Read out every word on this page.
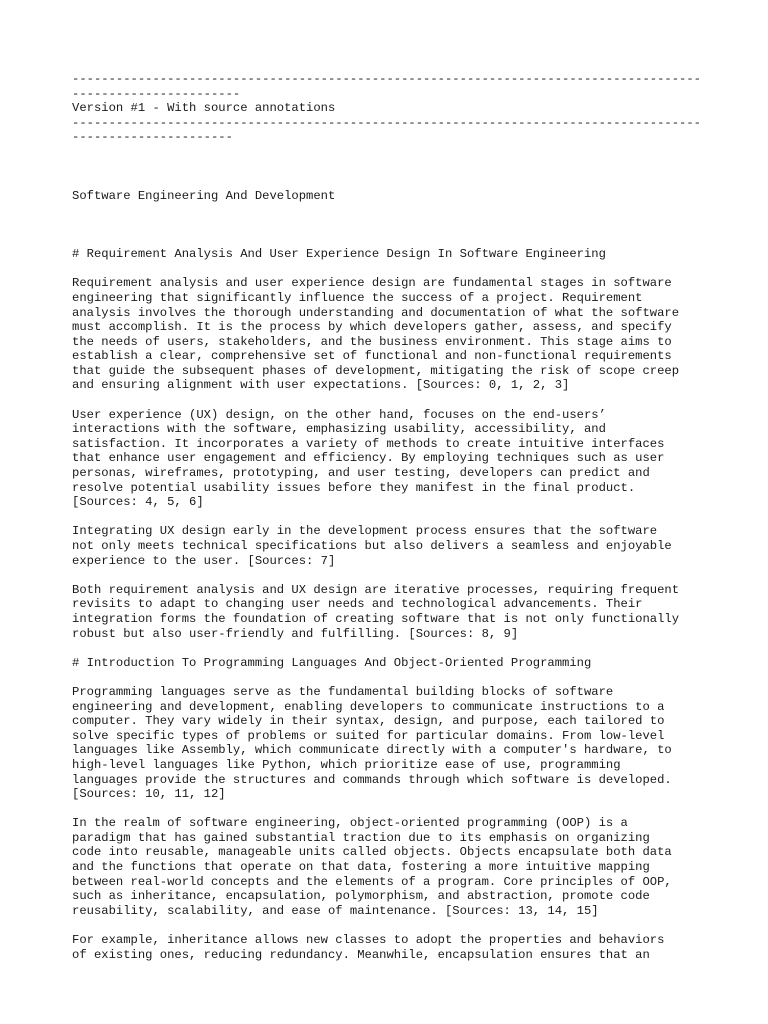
-------------------------------------------------------------------------------------------------------------
Version #1 - With source annotations
------------------------------------------------------------------------------------------------------------
Software Engineering And Development
# Requirement Analysis And User Experience Design In Software Engineering

Requirement analysis and user experience design are fundamental stages in software
engineering that significantly influence the success of a project. Requirement
analysis involves the thorough understanding and documentation of what the software
must accomplish. It is the process by which developers gather, assess, and specify
the needs of users, stakeholders, and the business environment. This stage aims to
establish a clear, comprehensive set of functional and non-functional requirements
that guide the subsequent phases of development, mitigating the risk of scope creep
and ensuring alignment with user expectations. [Sources: 0, 1, 2, 3]

User experience (UX) design, on the other hand, focuses on the end-users’
interactions with the software, emphasizing usability, accessibility, and
satisfaction. It incorporates a variety of methods to create intuitive interfaces
that enhance user engagement and efficiency. By employing techniques such as user
personas, wireframes, prototyping, and user testing, developers can predict and
resolve potential usability issues before they manifest in the final product.
[Sources: 4, 5, 6]

Integrating UX design early in the development process ensures that the software
not only meets technical specifications but also delivers a seamless and enjoyable
experience to the user. [Sources: 7]

Both requirement analysis and UX design are iterative processes, requiring frequent
revisits to adapt to changing user needs and technological advancements. Their
integration forms the foundation of creating software that is not only functionally
robust but also user-friendly and fulfilling. [Sources: 8, 9]

# Introduction To Programming Languages And Object-Oriented Programming

Programming languages serve as the fundamental building blocks of software
engineering and development, enabling developers to communicate instructions to a
computer. They vary widely in their syntax, design, and purpose, each tailored to
solve specific types of problems or suited for particular domains. From low-level
languages like Assembly, which communicate directly with a computer's hardware, to
high-level languages like Python, which prioritize ease of use, programming
languages provide the structures and commands through which software is developed.
[Sources: 10, 11, 12]

In the realm of software engineering, object-oriented programming (OOP) is a
paradigm that has gained substantial traction due to its emphasis on organizing
code into reusable, manageable units called objects. Objects encapsulate both data
and the functions that operate on that data, fostering a more intuitive mapping
between real-world concepts and the elements of a program. Core principles of OOP,
such as inheritance, encapsulation, polymorphism, and abstraction, promote code
reusability, scalability, and ease of maintenance. [Sources: 13, 14, 15]

For example, inheritance allows new classes to adopt the properties and behaviors
of existing ones, reducing redundancy. Meanwhile, encapsulation ensures that an
